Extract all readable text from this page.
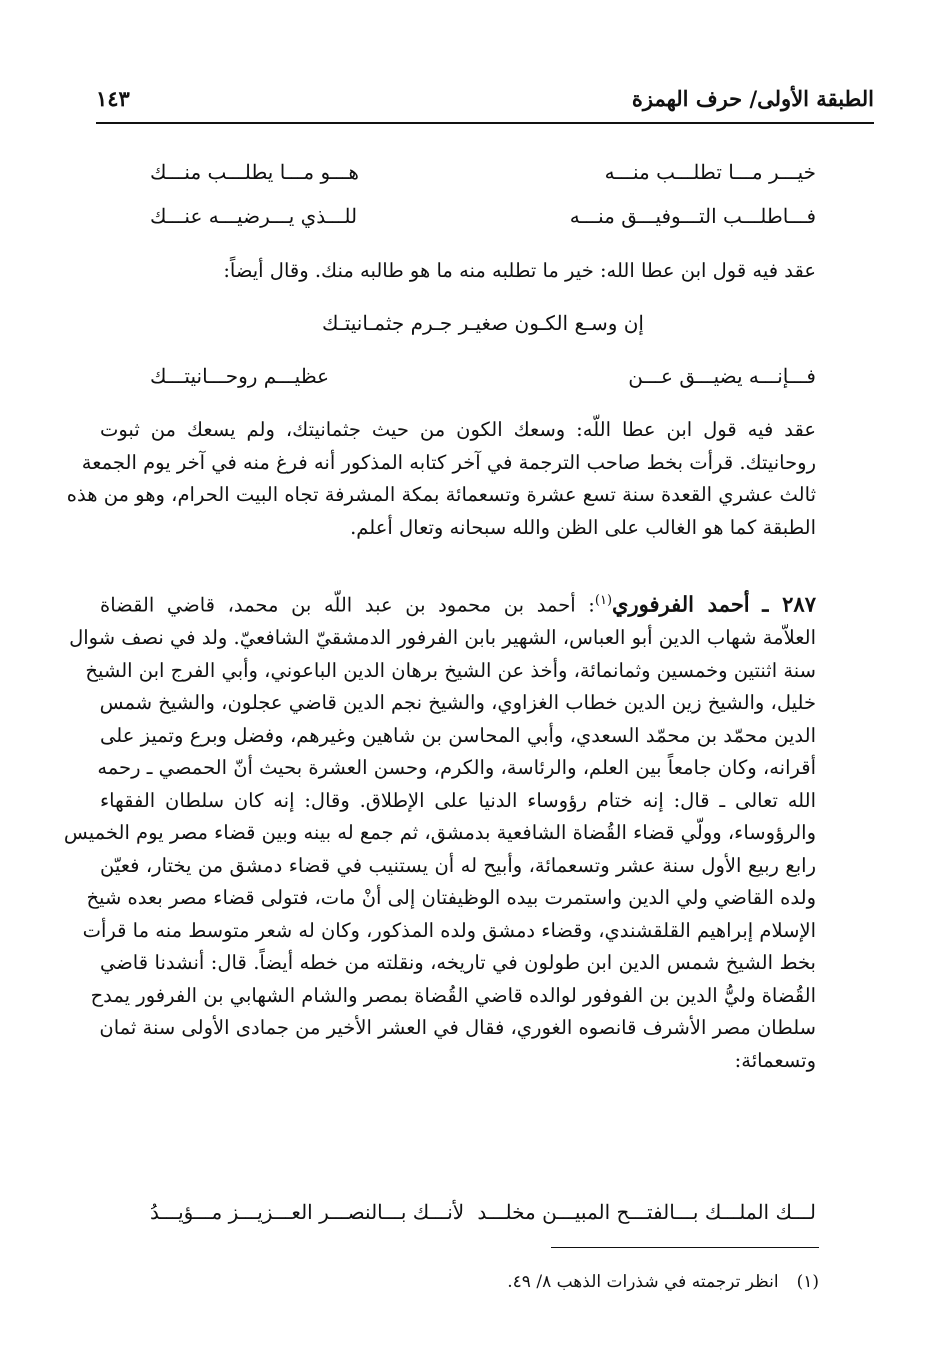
الطبقة الأولى/ حرف الهمزة
١٤٣
خيـــر مـــا تطلـــب منـــه
هـــو مـــا يطلـــب منـــك
فـــاطلـــب التـــوفيـــق منـــه
للـــذي يـــرضيـــه عنـــك

عقد فيه قول ابن عطا الله: خير ما تطلبه منه ما هو طالبه منك. وقال أيضاً:

إن وسـع الكـون صغيـر جـرم جثمـانيتـك
فـــإنـــه يضيـــق عـــن
عظيـــم روحـــانيتـــك

عقد فيه قول ابن عطا اللّه: وسعك الكون من حيث جثمانيتك، ولم يسعك من ثبوت
روحانيتك. قرأت بخط صاحب الترجمة في آخر كتابه المذكور أنه فرغ منه في آخر يوم الجمعة
ثالث عشري القعدة سنة تسع عشرة وتسعمائة بمكة المشرفة تجاه البيت الحرام، وهو من هذه
الطبقة كما هو الغالب على الظن والله سبحانه وتعال أعلم.

٢٨٧ ـ أحمد الفرفوري$^{(١)}$: أحمد بن محمود بن عبد اللّه بن محمد، قاضي القضاة
العلاّمة شهاب الدين أبو العباس، الشهير بابن الفرفور الدمشقيّ الشافعيّ. ولد في نصف شوال
سنة اثنتين وخمسين وثمانمائة، وأخذ عن الشيخ برهان الدين الباعوني، وأبي الفرج ابن الشيخ
خليل، والشيخ زين الدين خطاب الغزاوي، والشيخ نجم الدين قاضي عجلون، والشيخ شمس
الدين محمّد بن محمّد السعدي، وأبي المحاسن بن شاهين وغيرهم، وفضل وبرع وتميز على
أقرانه، وكان جامعاً بين العلم، والرئاسة، والكرم، وحسن العشرة بحيث أنّ الحمصي ـ رحمه
الله تعالى ـ قال: إنه ختام رؤوساء الدنيا على الإطلاق. وقال: إنه كان سلطان الفقهاء
والرؤوساء، وولّي قضاء القُضاة الشافعية بدمشق، ثم جمع له بينه وبين قضاء مصر يوم الخميس
رابع ربيع الأول سنة عشر وتسعمائة، وأبيح له أن يستنيب في قضاء دمشق من يختار، فعيّن
ولده القاضي ولي الدين واستمرت بيده الوظيفتان إلى أنْ مات، فتولى قضاء مصر بعده شيخ
الإسلام إبراهيم القلقشندي، وقضاء دمشق ولده المذكور، وكان له شعر متوسط منه ما قرأت
بخط الشيخ شمس الدين ابن طولون في تاريخه، ونقلته من خطه أيضاً. قال: أنشدنا قاضي
القُضاة وليُّ الدين بن الفوفور لوالده قاضي القُضاة بمصر والشام الشهابي بن الفرفور يمدح
سلطان مصر الأشرف قانصوه الغوري، فقال في العشر الأخير من جمادى الأولى سنة ثمان
وتسعمائة:

لـــك الملـــك بـــالفتـــح المبيـــن مخلـــد
لأنـــك بـــالنصـــر العـــزيـــز مـــؤيـــدُ
(١)انظر ترجمته في شذرات الذهب ٨/ ٤٩.
